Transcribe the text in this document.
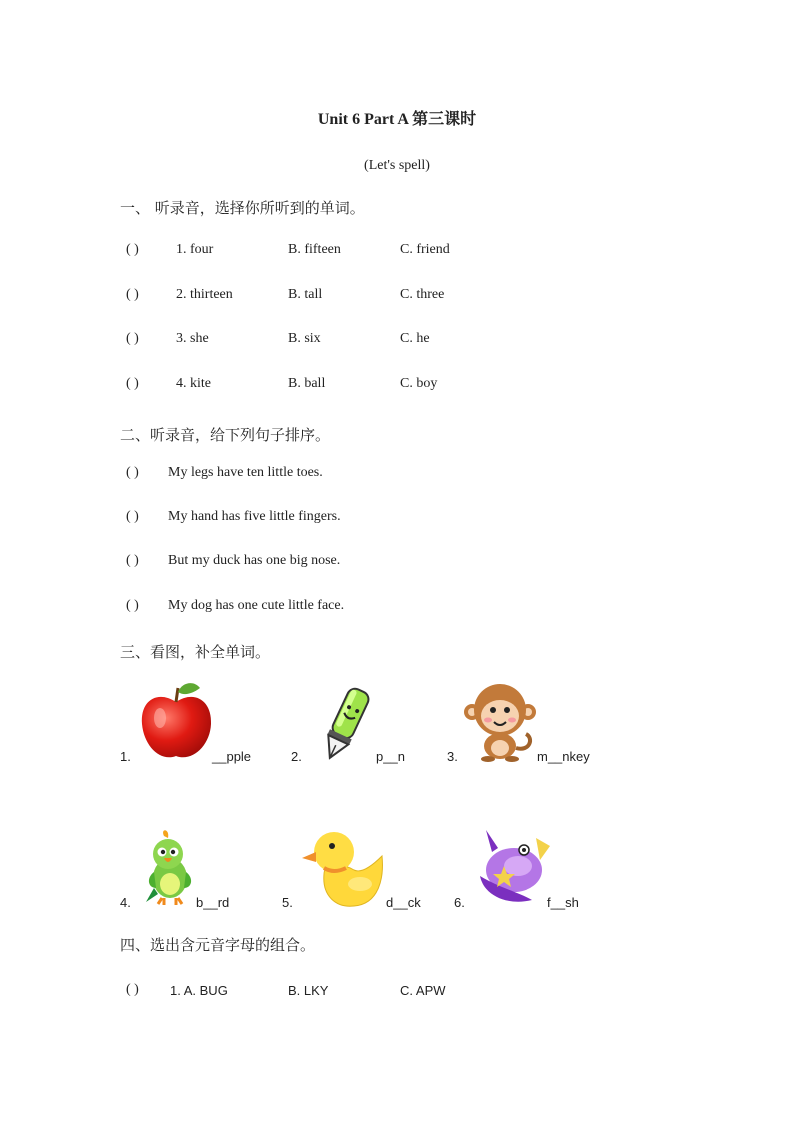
Unit 6 Part A 第三课时
(Let's spell)
一、 听录音，选择你所听到的单词。
( )	1. four	B. fifteen	C. friend
( )	2. thirteen	B. tall	C. three
( )	3. she	B. six	C. he
( )	4. kite	B. ball	C. boy
二、听录音，给下列句子排序。
( ) My legs have ten little toes.
( ) My hand has five little fingers.
( ) But my duck has one big nose.
( ) My dog has one cute little face.
三、看图，补全单词。
1.	__pple	2.	p__n	3.	m__nkey
4.	b__rd	5.	d__ck	6.	f__sh
四、选出含元音字母的组合。
( ) 1. A. BUG	B. LKY	C. APW
